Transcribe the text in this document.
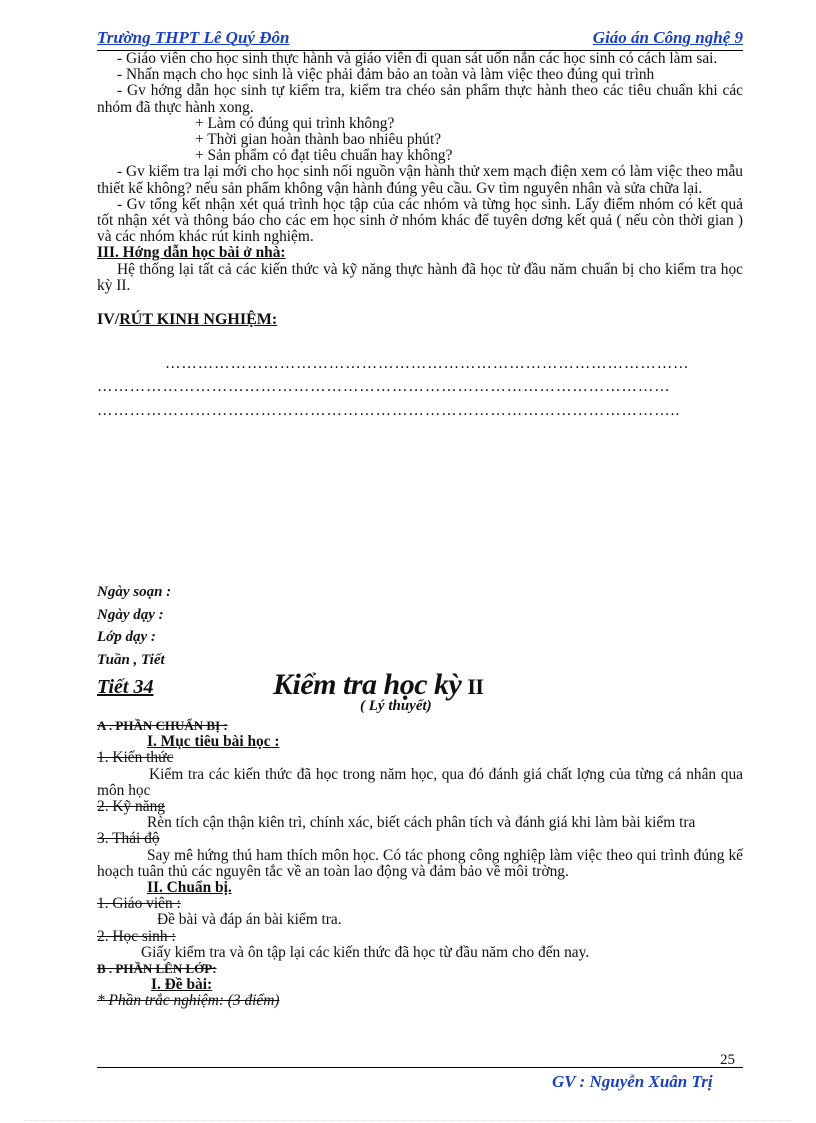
Trường THPT Lê Quý Đôn	Giáo án Công nghệ 9

- Giáo viên cho học sinh thực hành và giáo viên đi quan sát uốn nắn các học sinh có cách làm sai.

- Nhấn mạch cho học sinh là việc phải đảm bảo an toàn và làm việc theo đúng qui trình

- Gv hớng dẫn học sinh tự kiểm tra, kiểm tra chéo sản phẩm thực hành theo các tiêu chuẩn khi các nhóm đã thực hành xong.

+ Làm có đúng qui trình không?

+ Thời gian hoàn thành bao nhiêu phút?

+ Sản phẩm có đạt tiêu chuẩn hay không?

- Gv kiểm tra lại mới cho học sinh nối nguồn vận hành thử xem mạch điện xem có làm việc theo mẫu thiết kế không? nếu sản phẩm không vận hành đúng yêu cầu. Gv tìm nguyên nhân và sửa chữa lại.

- Gv tổng kết nhận xét quá trình học tập của các nhóm và từng học sinh. Lấy điểm nhóm có kết quả tốt nhận xét và thông báo cho các em học sinh ở nhóm khác để tuyên dơng kết quả ( nếu còn thời gian ) và các nhóm khác rút kinh nghiệm.

III. Hớng dẫn học bài ở nhà:

Hệ thống lại tất cả các kiến thức và kỹ năng thực hành đã học từ đầu năm chuẩn bị cho kiểm tra học kỳ II.

IV/RÚT KINH NGHIỆM:

……………………………………………………………………………………

……………………………………………………………………………………………

……………………………………………………………………………………………..

Ngày soạn :
Ngày dạy :
Lớp dạy :
Tuần , Tiết
Tiết 34	Kiểm tra học kỳ II
( Lý thuyết)

A . PHẦN CHUẨN BỊ :

I. Mục tiêu bài học :

1. Kiến thức

Kiểm tra các kiến thức đã học trong năm học, qua đó đánh giá chất lợng của từng cá nhân qua môn học

2. Kỹ năng

Rèn tích cận thận kiên trì, chính xác, biết cách phân tích và đánh giá khi làm bài kiểm tra

3. Thái độ

Say mê hứng thú ham thích môn học. Có tác phong công nghiệp làm việc theo qui trình đúng kế hoạch tuân thủ các nguyên tắc về an toàn lao động và đảm bảo về môi trờng.

II. Chuẩn bị.

1. Giáo viên :

Đề bài và đáp án bài kiểm tra.

2. Học sinh :

Giấy kiểm tra và ôn tập lại các kiến thức đã học từ đầu năm cho đến nay.

B . PHẦN LÊN LỚP:

I. Đề bài:

* Phần trắc nghiệm: (3 điểm)

25
GV : Nguyễn Xuân Trị
